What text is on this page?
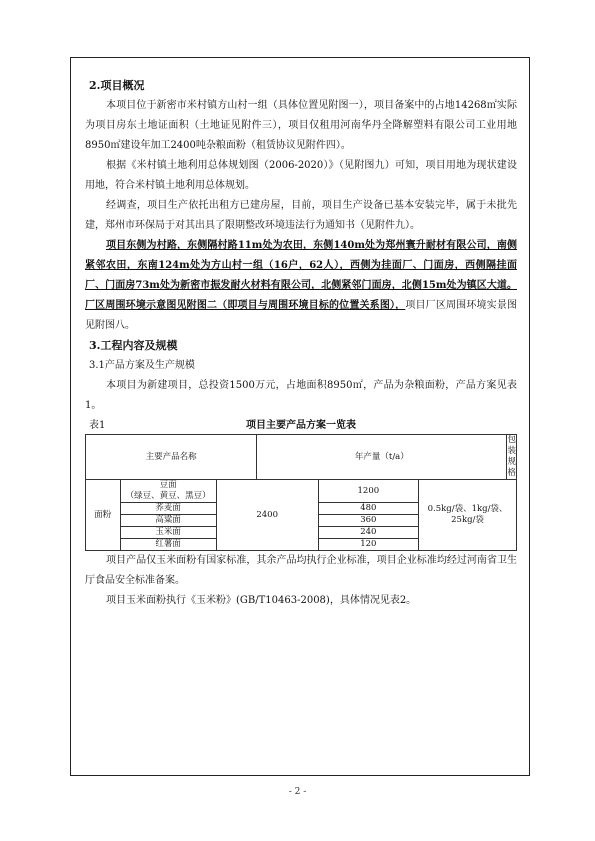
2.项目概况

本项目位于新密市米村镇方山村一组（具体位置见附图一），项目备案中的占地14268㎡实际为项目房东土地证面积（土地证见附件三），项目仅租用河南华丹全降解塑料有限公司工业用地8950㎡建设年加工2400吨杂粮面粉（租赁协议见附件四）。

根据《米村镇土地利用总体规划图（2006-2020）》（见附图九）可知，项目用地为现状建设用地，符合米村镇土地利用总体规划。

经调查，项目生产依托出租方已建房屋，目前，项目生产设备已基本安装完毕，属于未批先建，郑州市环保局于对其出具了限期整改环境违法行为通知书（见附件九）。

项目东侧为村路，东侧隔村路11m处为农田，东侧140m处为郑州寰升耐材有限公司，南侧紧邻农田，东南124m处为方山村一组（16户，62人），西侧为挂面厂、门面房，西侧隔挂面厂、门面房73m处为新密市振发耐火材料有限公司，北侧紧邻门面房，北侧15m处为镇区大道。厂区周围环境示意图见附图二（即项目与周围环境目标的位置关系图），项目厂区周围环境实景图见附图八。

3.工程内容及规模

3.1产品方案及生产规模

本项目为新建项目，总投资1500万元，占地面积8950㎡，产品为杂粮面粉，产品方案见表1。

表1	项目主要产品方案一览表
主要产品名称	年产量（t/a）	包装规格
面粉	豆面
（绿豆、黄豆、黑豆）	2400	1200	0.5kg/袋、1kg/袋、25kg/袋
	荞麦面		480	
	高粱面		360	
	玉米面		240	
	红薯面		120	

项目产品仅玉米面粉有国家标准，其余产品均执行企业标准，项目企业标准均经过河南省卫生厅食品安全标准备案。

项目玉米面粉执行《玉米粉》(GB/T10463-2008)，具体情况见表2。

- 2 -
